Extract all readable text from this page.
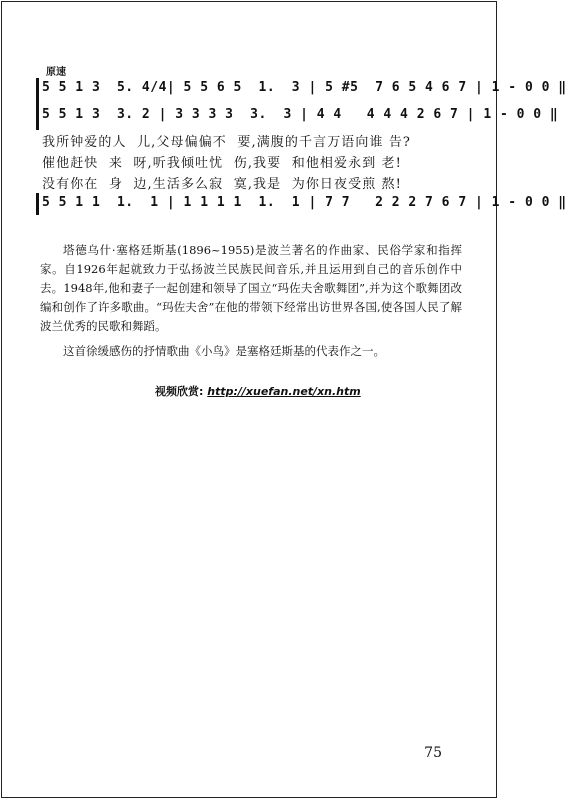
原速
5 5 1 3  5. 4/4| 5 5 6 5  1.  3 | 5 #5  7 6 5 4 6 7 | 1 - 0 0 ‖
5 5 1 3  3. 2 | 3 3 3 3  3.  3 | 4 4   4 4 4 2 6 7 | 1 - 0 0 ‖
我所钟爱的人  儿,父母偏偏不  要,满腹的千言万语向谁 告?
催他赶快  来  呀,听我倾吐忧  伤,我要  和他相爱永到 老!
没有你在  身  边,生活多么寂  寞,我是  为你日夜受煎 熬!
5 5 1 1  1.  1 | 1 1 1 1  1.  1 | 7 7   2 2 2 7 6 7 | 1 - 0 0 ‖
塔德乌什·塞格廷斯基(1896~1955)是波兰著名的作曲家、民俗学家和指挥家。自1926年起就致力于弘扬波兰民族民间音乐,并且运用到自己的音乐创作中去。1948年,他和妻子一起创建和领导了国立“玛佐夫舍歌舞团”,并为这个歌舞团改编和创作了许多歌曲。“玛佐夫舍”在他的带领下经常出访世界各国,使各国人民了解波兰优秀的民歌和舞蹈。
这首徐缓感伤的抒情歌曲《小鸟》是塞格廷斯基的代表作之一。
视频欣赏: http://xuefan.net/xn.htm
75
